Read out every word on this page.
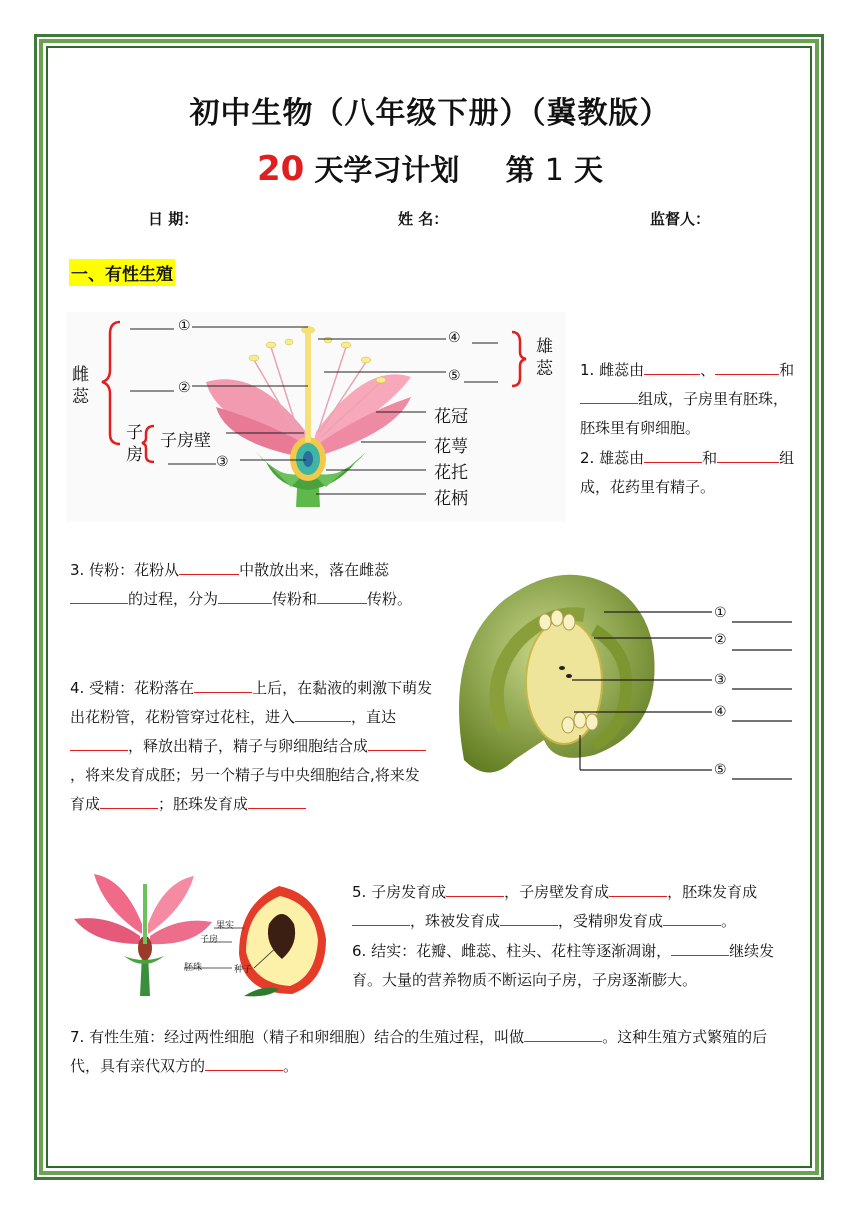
初中生物（八年级下册）（冀教版）
20 天学习计划 第 1 天
日 期：	姓 名：	监督人：
一、有性生殖
①
②
③
④
⑤
雌蕊
雄蕊
子房
子房壁
花冠
花萼
花托
花柄
1. 雌蕊由	、	和组成，子房里有胚珠，胚珠里有卵细胞。
2. 雄蕊由	和	组成，花药里有精子。
3. 传粉：花粉从	中散放出来，落在雌蕊的过程，分为	传粉和	传粉。
4. 受精：花粉落在	上后，在黏液的刺激下萌发出花粉管，花粉管穿过花柱，进入	，直达，释放出精子，精子与卵细胞结合成，将来发育成胚；另一个精子与中央细胞结合,将来发育成	；胚珠发育成
①
②
③
④
⑤
果实
子房
胚珠	种子
5. 子房发育成	，子房壁发育成	，胚珠发育成，珠被发育成	，受精卵发育成	。
6. 结实：花瓣、雌蕊、柱头、花柱等逐渐凋谢，	继续发育。大量的营养物质不断运向子房，子房逐渐膨大。
7. 有性生殖：经过两性细胞（精子和卵细胞）结合的生殖过程，叫做	。这种生殖方式繁殖的后代，具有亲代双方的	。
